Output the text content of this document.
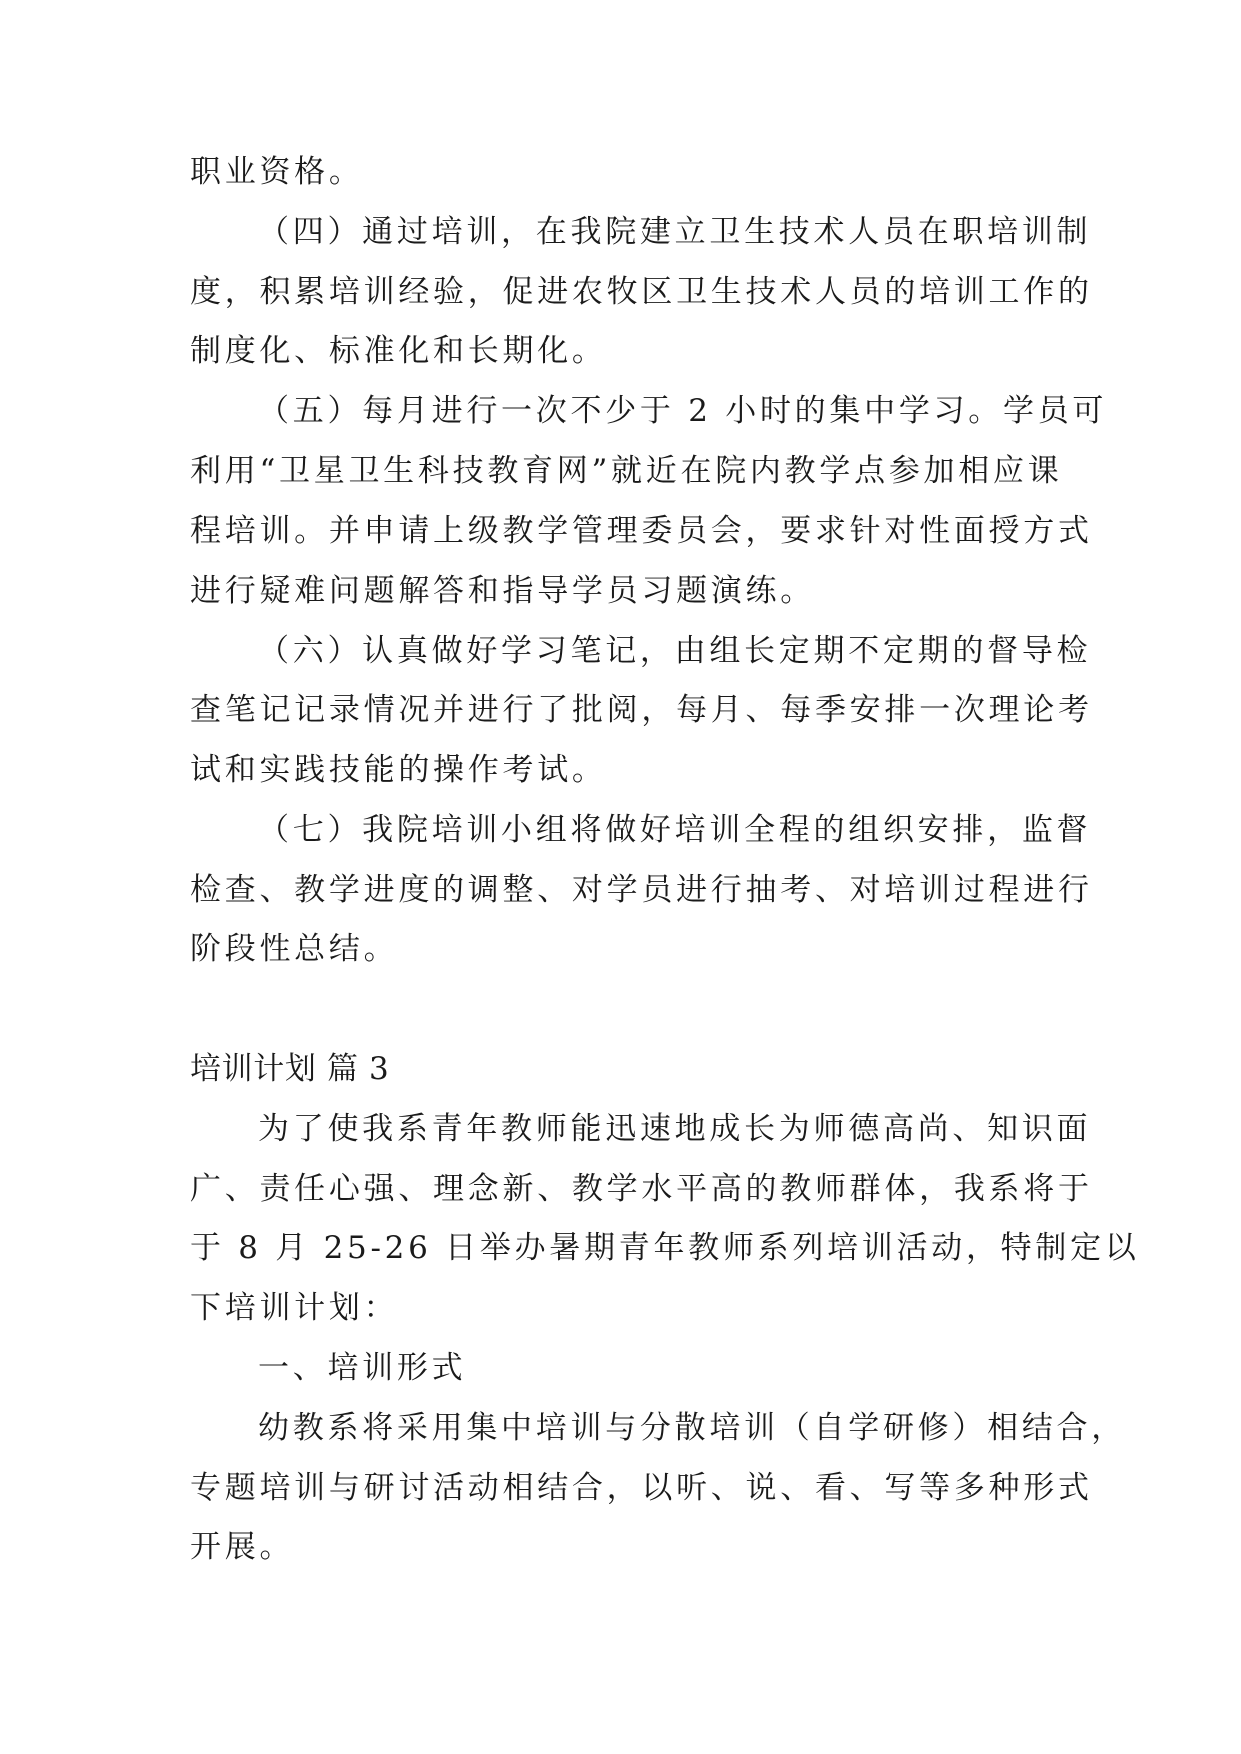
职业资格。
（四）通过培训，在我院建立卫生技术人员在职培训制
度，积累培训经验，促进农牧区卫生技术人员的培训工作的
制度化、标准化和长期化。
（五）每月进行一次不少于 2 小时的集中学习。学员可
利用“卫星卫生科技教育网”就近在院内教学点参加相应课
程培训。并申请上级教学管理委员会，要求针对性面授方式
进行疑难问题解答和指导学员习题演练。
（六）认真做好学习笔记，由组长定期不定期的督导检
查笔记记录情况并进行了批阅，每月、每季安排一次理论考
试和实践技能的操作考试。
（七）我院培训小组将做好培训全程的组织安排，监督
检查、教学进度的调整、对学员进行抽考、对培训过程进行
阶段性总结。
培训计划 篇 3
为了使我系青年教师能迅速地成长为师德高尚、知识面
广、责任心强、理念新、教学水平高的教师群体，我系将于
于 8 月 25-26 日举办暑期青年教师系列培训活动，特制定以
下培训计划：
一、培训形式
幼教系将采用集中培训与分散培训（自学研修）相结合，
专题培训与研讨活动相结合，以听、说、看、写等多种形式
开展。
